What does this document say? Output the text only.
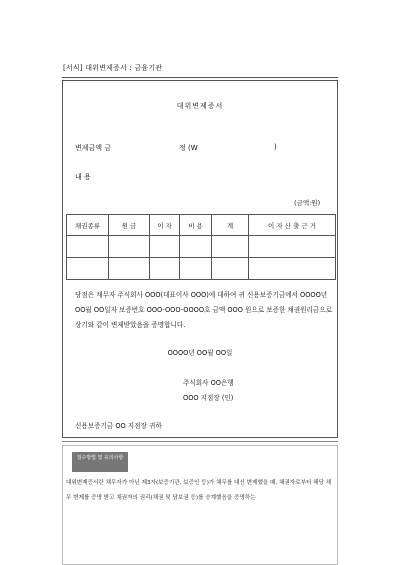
[서식] 대위변제증서 : 금융기관
대위변제증서
변제금액 금	정 (W	)
내 용
(금액:원)
채권종류	원 금	이 자	비 용	계	이 자 산 출 근 거

당점은 채무자 주식회사 OOO(대표이사 OOO)에 대하여 귀 신용보증기금에서 OOOO년 OO월 OO일자 보증번호 OOO-OOO-OOOO호 금액 OOO 원으로 보증한 채권원리금으로 상기와 같이 변제받았음을 증명합니다.
OOOO년 OO월 OO일
주식회사 OO은행
OOO 지점장 (인)
신용보증기금 OO 지점장 귀하
접수방법 및 유의사항
대위변제증서란 채무자가 아닌 제3자(보증기관, 보증인 등)가 채무를 대신 변제했을 때, 채권자로부터 해당 채무 변제를 증명 받고 채권자의 권리(채권 및 담보권 등)를 승계했음을 증명하는
